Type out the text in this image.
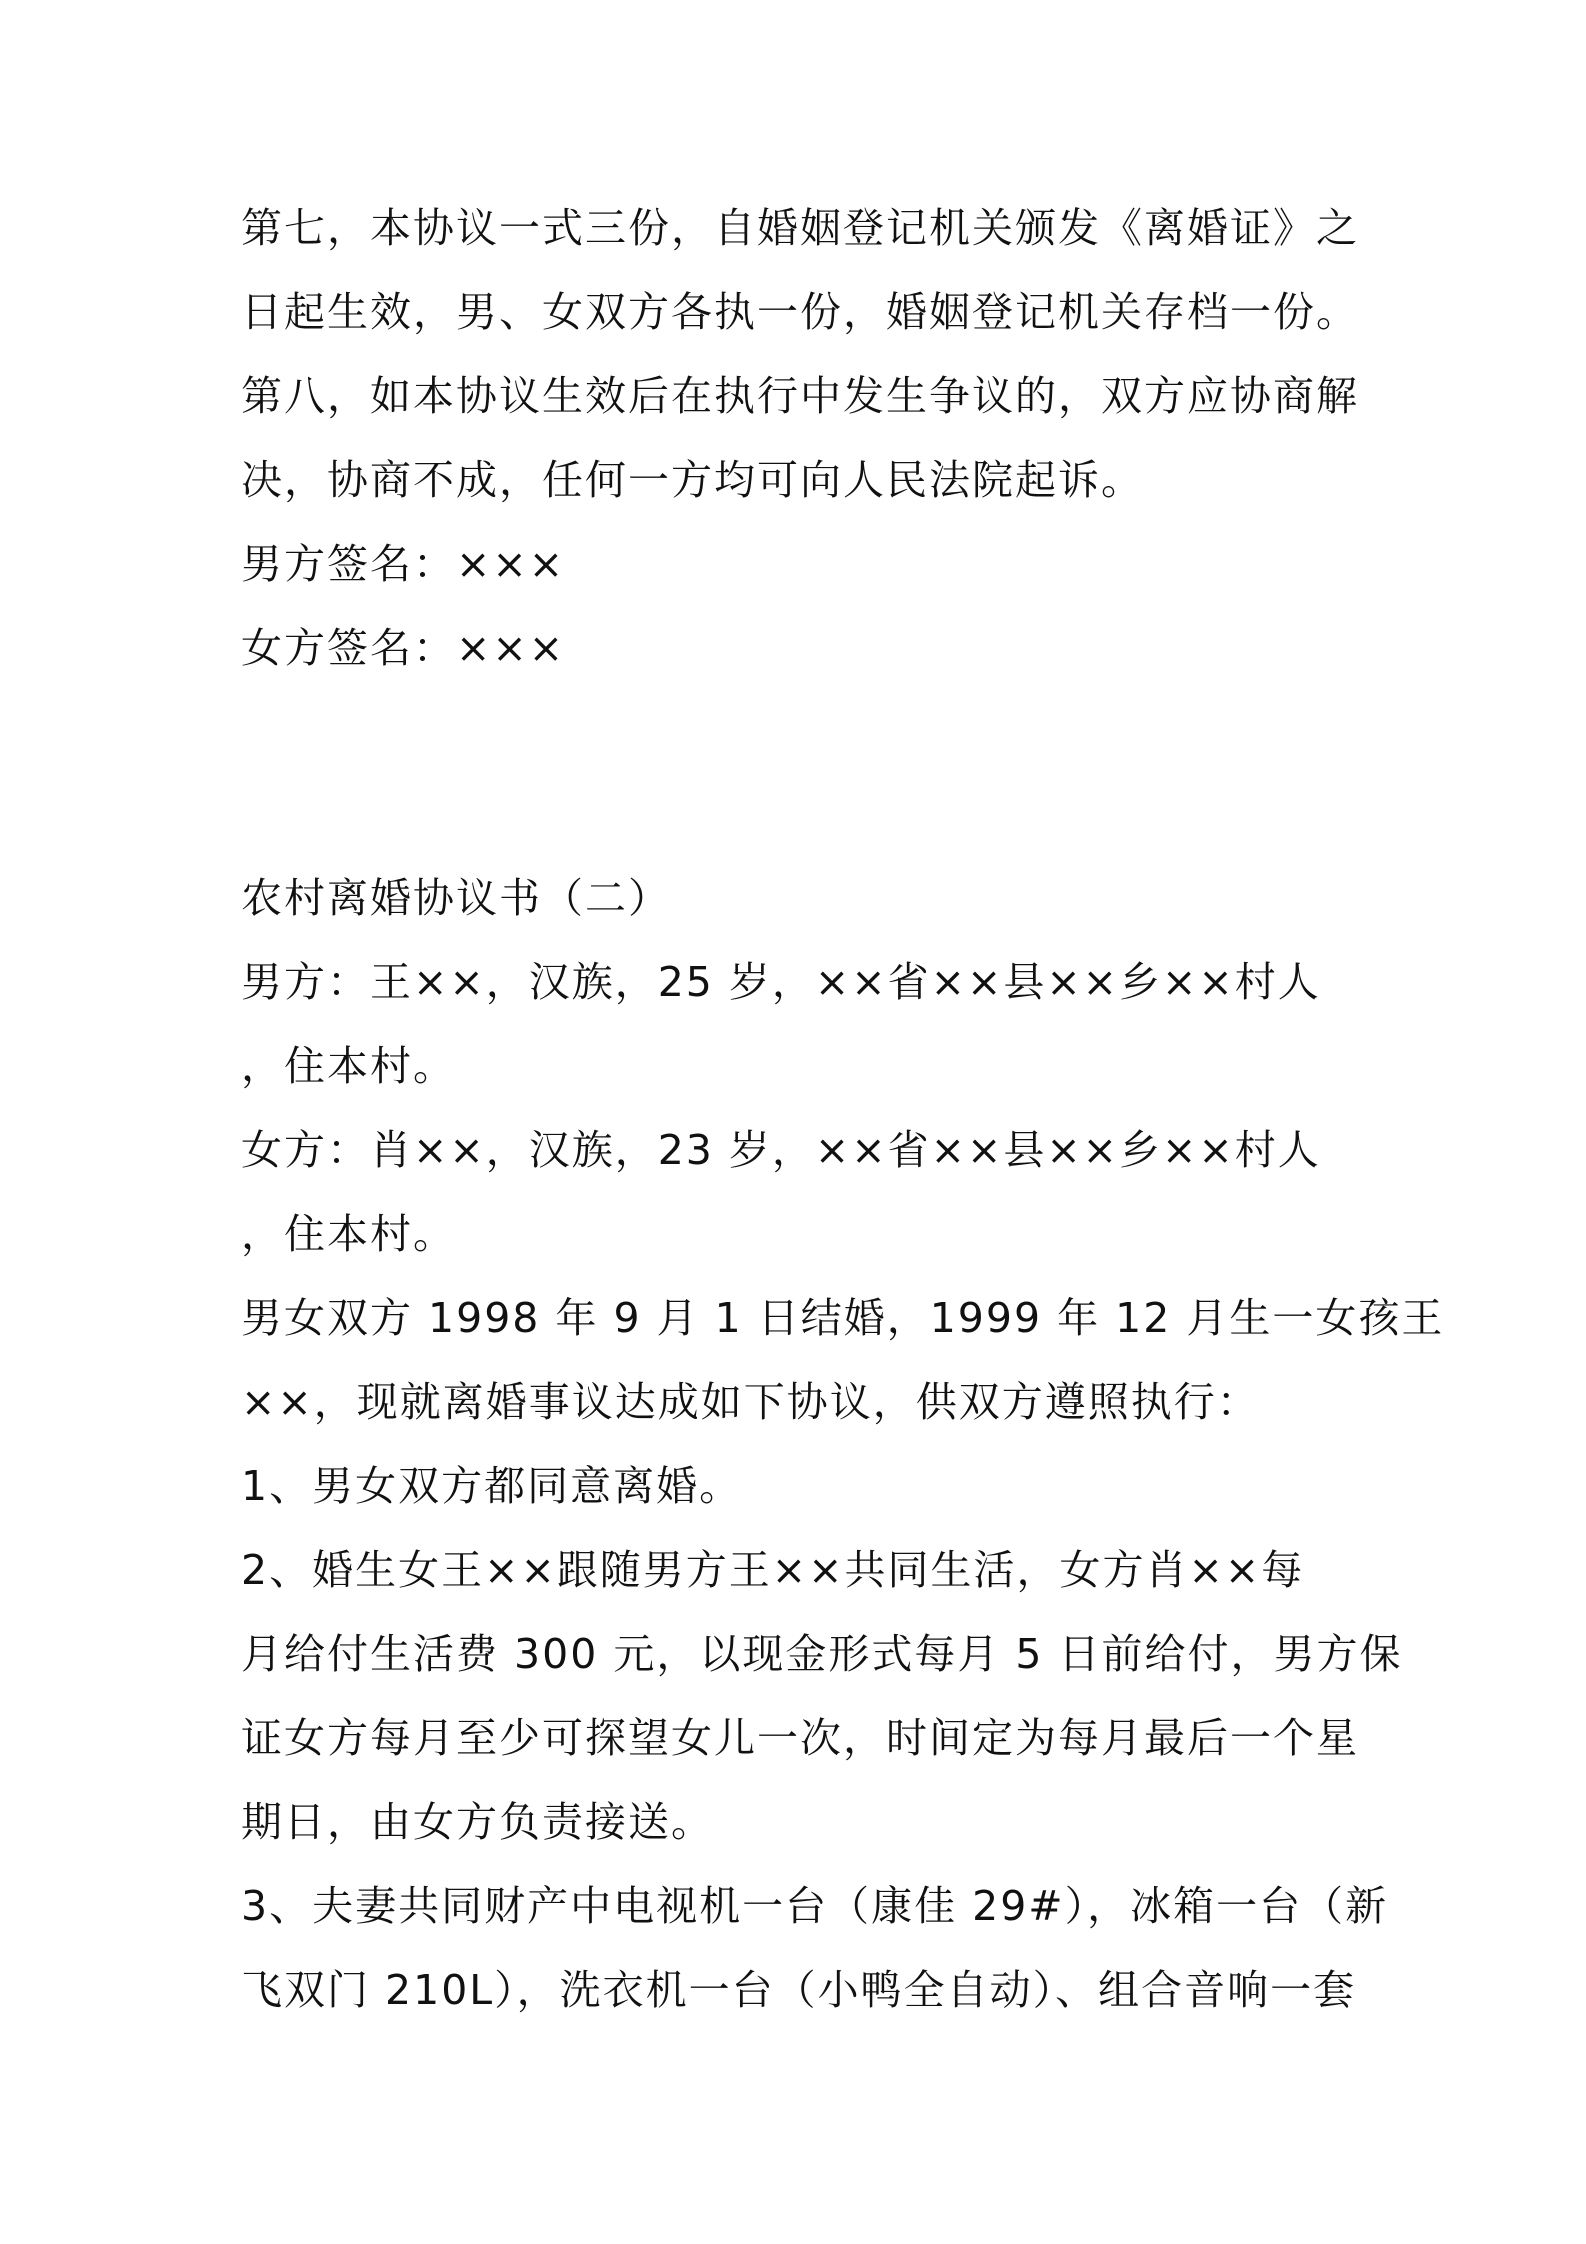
第七，本协议一式三份，自婚姻登记机关颁发《离婚证》之
日起生效，男、女双方各执一份，婚姻登记机关存档一份。
第八，如本协议生效后在执行中发生争议的，双方应协商解
决，协商不成，任何一方均可向人民法院起诉。
男方签名：×××
女方签名：×××
农村离婚协议书（二）
男方：王××，汉族，25 岁，××省××县××乡××村人
，住本村。
女方：肖××，汉族，23 岁，××省××县××乡××村人
，住本村。
男女双方 1998 年 9 月 1 日结婚，1999 年 12 月生一女孩王
××，现就离婚事议达成如下协议，供双方遵照执行：
1、男女双方都同意离婚。
2、婚生女王××跟随男方王××共同生活，女方肖××每
月给付生活费 300 元，以现金形式每月 5 日前给付，男方保
证女方每月至少可探望女儿一次，时间定为每月最后一个星
期日，由女方负责接送。
3、夫妻共同财产中电视机一台（康佳 29#），冰箱一台（新
飞双门 210L），洗衣机一台（小鸭全自动）、组合音响一套
